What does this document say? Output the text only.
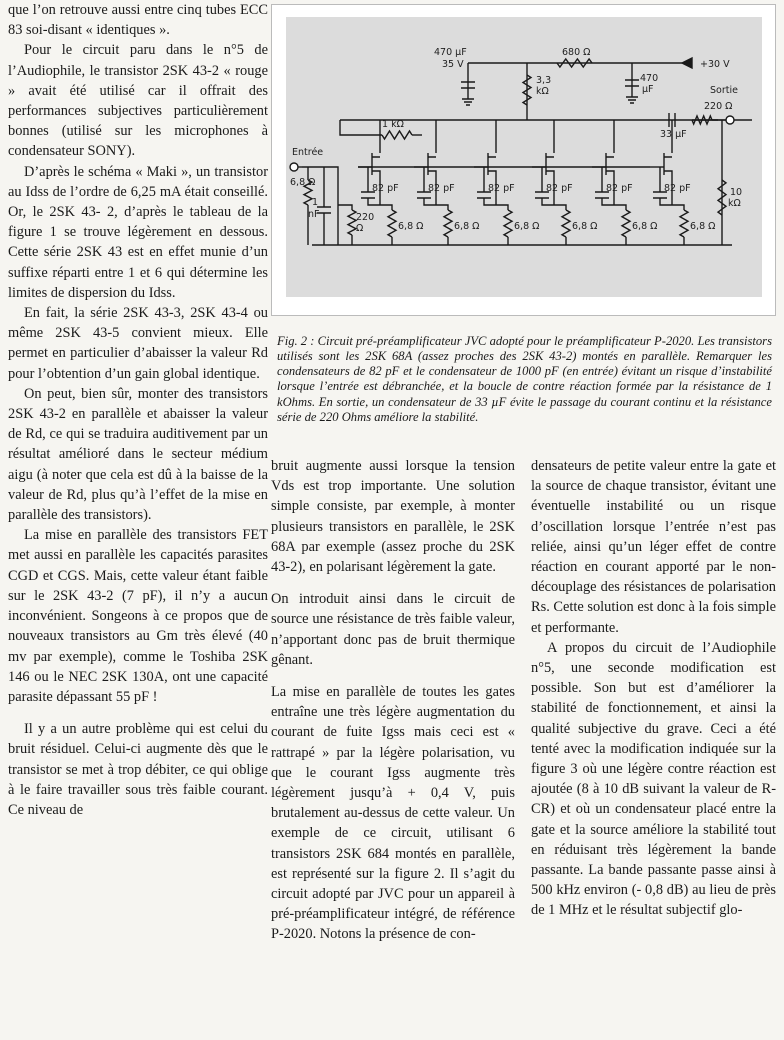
que l’on retrouve aussi entre cinq tubes ECC 83 soi-disant « identiques ».

Pour le circuit paru dans le n°5 de l’Audiophile, le transistor 2SK 43-2 « rouge » avait été utilisé car il offrait des performances subjectives particulièrement bonnes (utilisé sur les microphones à condensateur SONY).

D’après le schéma « Maki », un transistor au Idss de l’ordre de 6,25 mA était conseillé. Or, le 2SK 43- 2, d’après le tableau de la figure 1 se trouve légèrement en dessous. Cette série 2SK 43 est en effet munie d’un suffixe réparti entre 1 et 6 qui détermine les limites de dispersion du Idss.

En fait, la série 2SK 43-3, 2SK 43-4 ou même 2SK 43-5 convient mieux. Elle permet en particulier d’abaisser la valeur Rd pour l’obtention d’un gain global identique.

On peut, bien sûr, monter des transistors 2SK 43-2 en parallèle et abaisser la valeur de Rd, ce qui se traduira auditivement par un résultat amélioré dans le secteur médium aigu (à noter que cela est dû à la baisse de la valeur de Rd, plus qu’à l’effet de la mise en parallèle des transistors).

La mise en parallèle des transistors FET met aussi en parallèle les capacités parasites CGD et CGS. Mais, cette valeur étant faible sur le 2SK 43-2 (7 pF), il n’y a aucun inconvénient. Songeons à ce propos que de nouveaux transistors au Gm très élevé (40 mv par exemple), comme le Toshiba 2SK 146 ou le NEC 2SK 130A, ont une capacité parasite dépassant 55 pF !

Il y a un autre problème qui est celui du bruit résiduel. Celui-ci augmente dès que le transistor se met à trop débiter, ce qui oblige à le faire travailler sous très faible courant. Ce niveau de

82 pF
6,8 Ω
82 pF
6,8 Ω
82 pF
6,8 Ω
82 pF
6,8 Ω
82 pF
6,8 Ω
82 pF
6,8 Ω
470 µF
35 V
3,3
kΩ
680 Ω
470
µF
+30 V
1 kΩ
Sortie
220 Ω
33 µF
Entrée
6,8 Ω
1
nF	220
Ω
10
kΩ

Fig. 2 : Circuit pré-préamplificateur JVC adopté pour le préamplificateur P-2020. Les transistors utilisés sont les 2SK 68A (assez proches des 2SK 43-2) montés en parallèle. Remarquer les condensateurs de 82 pF et le condensateur de 1000 pF (en entrée) évitant un risque d’instabilité lorsque l’entrée est débranchée, et la boucle de contre réaction formée par la résistance de 1 kOhms. En sortie, un condensateur de 33 µF évite le passage du courant continu et la résistance série de 220 Ohms améliore la stabilité.

bruit augmente aussi lorsque la tension Vds est trop importante. Une solution simple consiste, par exemple, à monter plusieurs transistors en parallèle, le 2SK 68A par exemple (assez proche du 2SK 43-2), en polarisant légèrement la gate.

On introduit ainsi dans le circuit de source une résistance de très faible valeur, n’apportant donc pas de bruit thermique gênant.

La mise en parallèle de toutes les gates entraîne une très légère augmentation du courant de fuite Igss mais ceci est « rattrapé » par la légère polarisation, vu que le courant Igss augmente très légèrement jusqu’à + 0,4 V, puis brutalement au-dessus de cette valeur. Un exemple de ce circuit, utilisant 6 transistors 2SK 684 montés en parallèle, est représenté sur la figure 2. Il s’agit du circuit adopté par JVC pour un appareil à pré-préamplificateur intégré, de référence P-2020. Notons la présence de con-

densateurs de petite valeur entre la gate et la source de chaque transistor, évitant une éventuelle instabilité ou un risque d’oscillation lorsque l’entrée n’est pas reliée, ainsi qu’un léger effet de contre réaction en courant apporté par le non-découplage des résistances de polarisation Rs. Cette solution est donc à la fois simple et performante.

A propos du circuit de l’Audiophile n°5, une seconde modification est possible. Son but est d’améliorer la stabilité de fonctionnement, et ainsi la qualité subjective du grave. Ceci a été tenté avec la modification indiquée sur la figure 3 où une légère contre réaction est ajoutée (8 à 10 dB suivant la valeur de R-CR) et où un condensateur placé entre la gate et la source améliore la stabilité tout en réduisant très légèrement la bande passante. La bande passante passe ainsi à 500 kHz environ (- 0,8 dB) au lieu de près de 1 MHz et le résultat subjectif glo-
